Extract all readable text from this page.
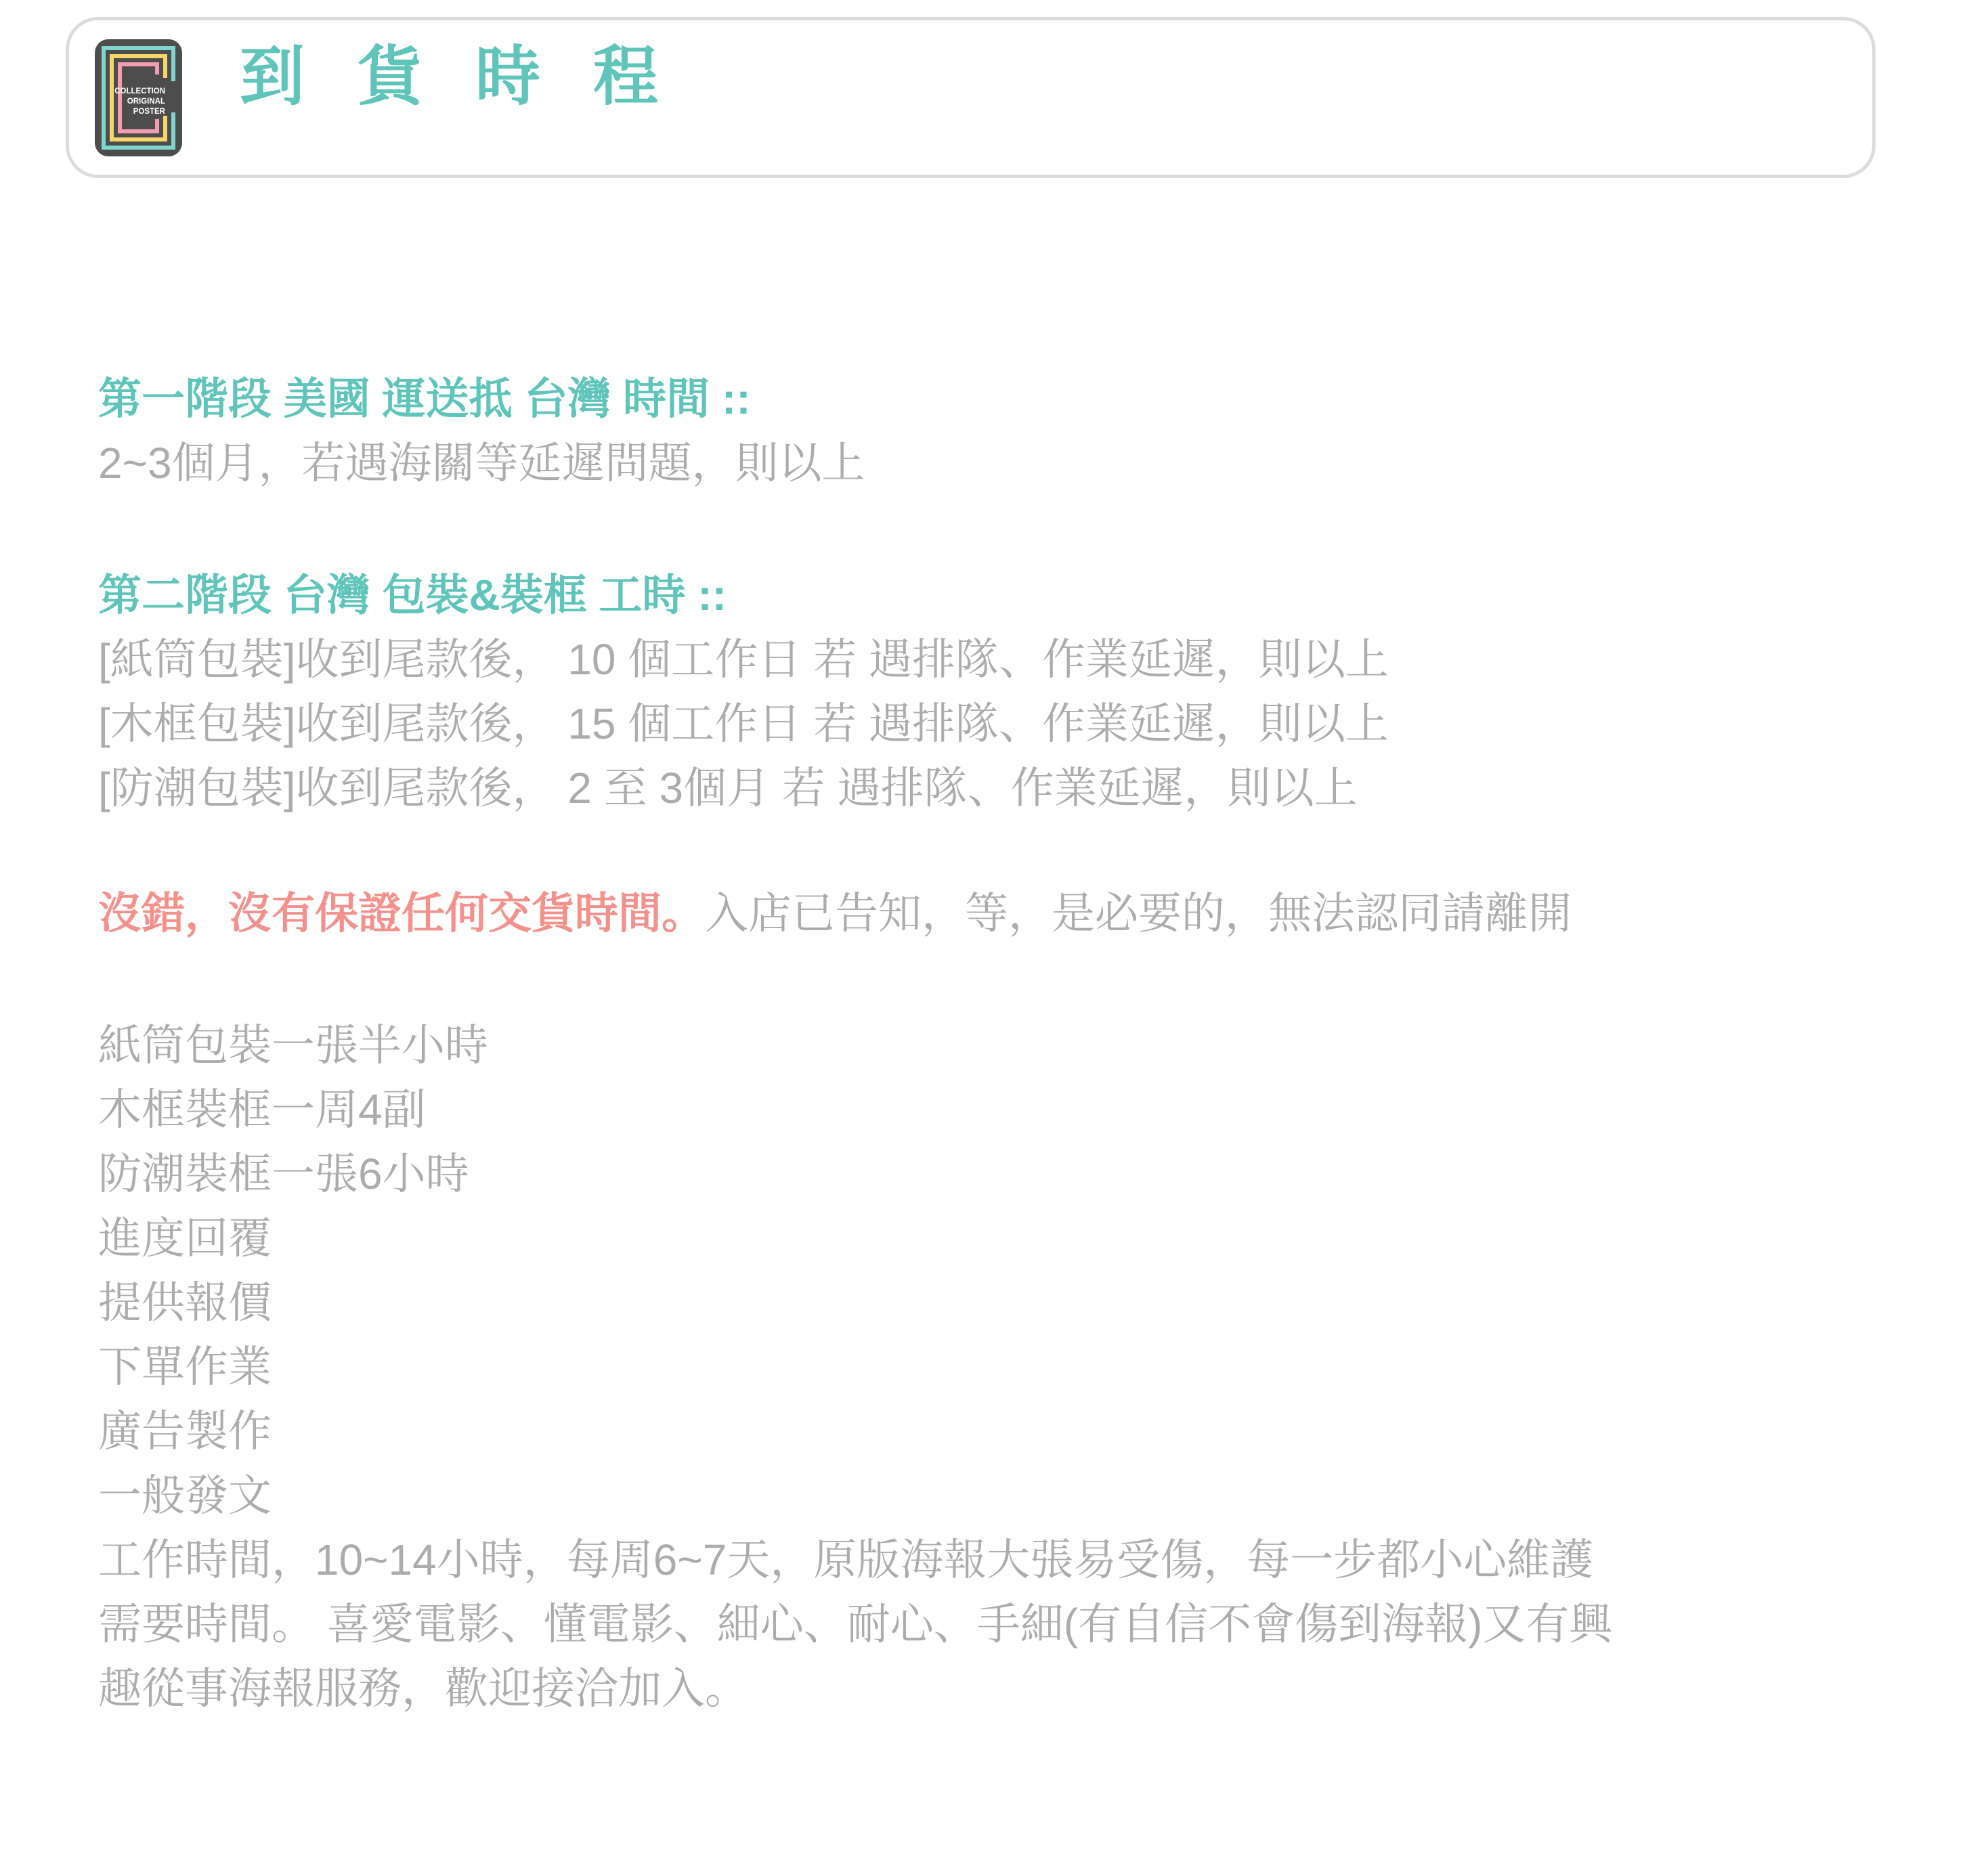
COLLECTION
ORIGINAL
POSTER 到貨時程
第一階段 美國 運送抵 台灣 時間 ::
2~3個月，若遇海關等延遲問題，則以上
第二階段 台灣 包裝&裝框 工時 ::
[紙筒包裝]收到尾款後， 10 個工作日 若 遇排隊、作業延遲，則以上
[木框包裝]收到尾款後， 15 個工作日 若 遇排隊、作業延遲，則以上
[防潮包裝]收到尾款後， 2 至 3個月 若 遇排隊、作業延遲，則以上
沒錯，沒有保證任何交貨時間。入店已告知，等，是必要的，無法認同請離開
紙筒包裝一張半小時
木框裝框一周4副
防潮裝框一張6小時
進度回覆
提供報價
下單作業
廣告製作
一般發文
工作時間，10~14小時，每周6~7天，原版海報大張易受傷，每一步都小心維護
需要時間。 喜愛電影、懂電影、細心、耐心、手細(有自信不會傷到海報)又有興
趣從事海報服務，歡迎接洽加入。
